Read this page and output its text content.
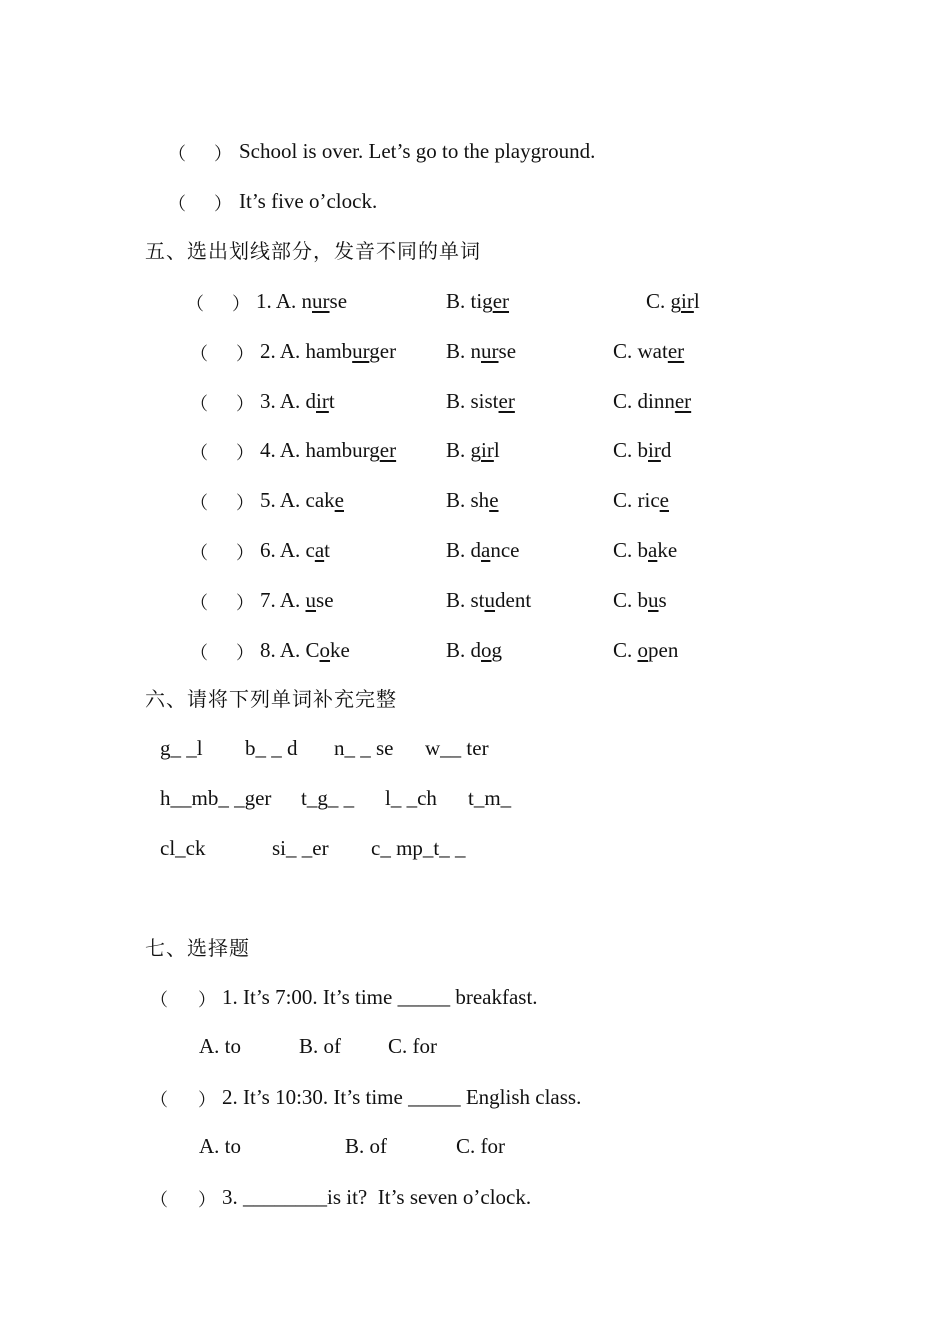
（ ） School is over. Let’s go to the playground.
（ ） It’s five o’clock.
五、选出划线部分，发音不同的单词
（ ） 1. A. nurse	B. tiger	C. girl
（ ） 2. A. hamburger B. nurse	C. water
（ ） 3. A. dirt	B. sister	C. dinner
（ ） 4. A. hamburger B. girl	C. bird
（ ） 5. A. cake	B. she	C. rice
（ ） 6. A. cat	B. dance	C. bake
（ ） 7. A. use	B. student	C. bus
（ ） 8. A. Coke	B. dog	C. open
六、请将下列单词补充完整
g_ _l b_ _ d n_ _ se w__ ter
h__mb_ _ger t_g_ _ l_ _ch t_m_
cl_ck	si_ _er c_ mp_t_ _
七、选择题
（ ） 1. It’s 7:00. It’s time _____ breakfast.
A. to	B. of C. for
（ ） 2. It’s 10:30. It’s time _____ English class.
A. to	B. of	C. for
（ ） 3. ________is it?  It’s seven o’clock.
